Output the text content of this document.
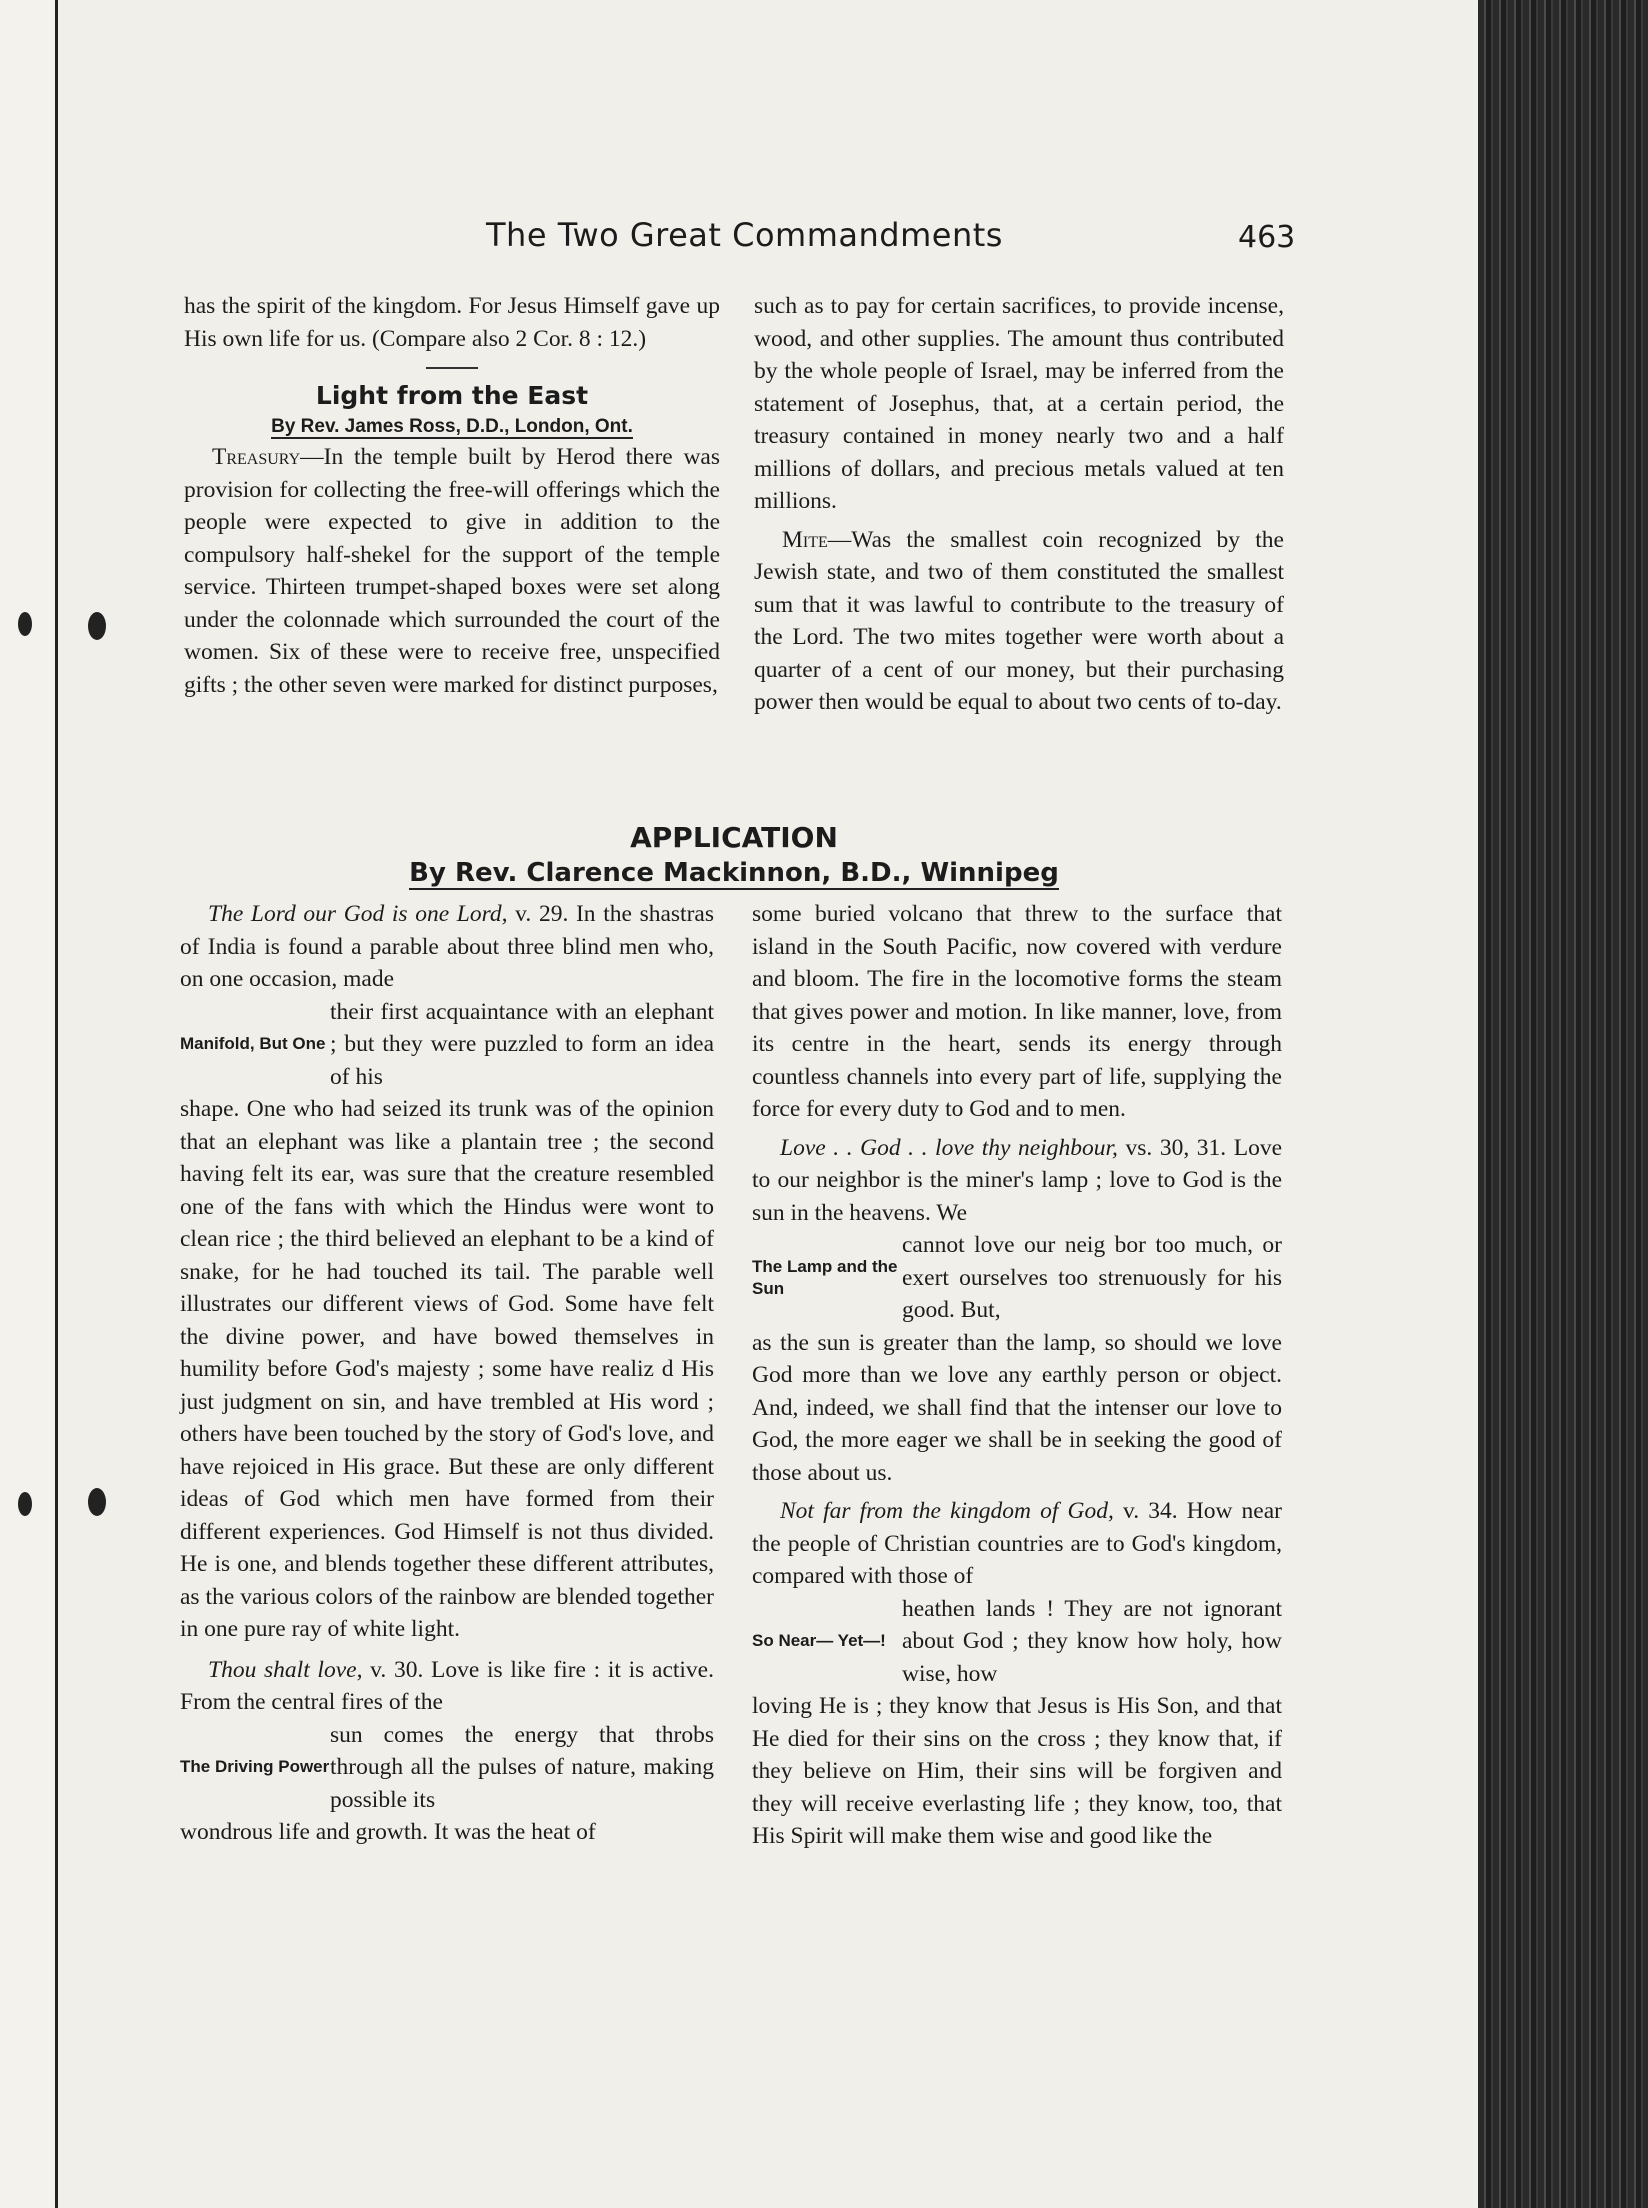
The Two Great Commandments	463

has the spirit of the kingdom. For Jesus Himself gave up His own life for us. (Compare also 2 Cor. 8 : 12.)

Light from the East

By Rev. James Ross, D.D., London, Ont.

Treasury—In the temple built by Herod there was provision for collecting the free-will offerings which the people were expected to give in addition to the compulsory half-shekel for the support of the temple service. Thirteen trumpet-shaped boxes were set along under the colonnade which surrounded the court of the women. Six of these were to receive free, unspecified gifts ; the other seven were marked for distinct purposes,

such as to pay for certain sacrifices, to provide incense, wood, and other supplies. The amount thus contributed by the whole people of Israel, may be inferred from the statement of Josephus, that, at a certain period, the treasury contained in money nearly two and a half millions of dollars, and precious metals valued at ten millions.

Mite—Was the smallest coin recognized by the Jewish state, and two of them constituted the smallest sum that it was lawful to contribute to the treasury of the Lord. The two mites together were worth about a quarter of a cent of our money, but their purchasing power then would be equal to about two cents of to-day.

APPLICATION

By Rev. Clarence Mackinnon, B.D., Winnipeg

The Lord our God is one Lord, v. 29. In the shastras of India is found a parable about three blind men who, on one occasion, made

Manifold, But One
their first acquaintance with an elephant ; but they were puzzled to form an idea of his

shape. One who had seized its trunk was of the opinion that an elephant was like a plantain tree ; the second having felt its ear, was sure that the creature resembled one of the fans with which the Hindus were wont to clean rice ; the third believed an elephant to be a kind of snake, for he had touched its tail. The parable well illustrates our different views of God. Some have felt the divine power, and have bowed themselves in humility before God's majesty ; some have realiz d His just judgment on sin, and have trembled at His word ; others have been touched by the story of God's love, and have rejoiced in His grace. But these are only different ideas of God which men have formed from their different experiences. God Himself is not thus divided. He is one, and blends together these different attributes, as the various colors of the rainbow are blended together in one pure ray of white light.

Thou shalt love, v. 30. Love is like fire : it is active. From the central fires of the

The Driving Power
sun comes the energy that throbs through all the pulses of nature, making possible its

wondrous life and growth. It was the heat of

some buried volcano that threw to the surface that island in the South Pacific, now covered with verdure and bloom. The fire in the locomotive forms the steam that gives power and motion. In like manner, love, from its centre in the heart, sends its energy through countless channels into every part of life, supplying the force for every duty to God and to men.

Love . . God . . love thy neighbour, vs. 30, 31. Love to our neighbor is the miner's lamp ; love to God is the sun in the heavens. We

The Lamp and the Sun
cannot love our neig bor too much, or exert ourselves too strenuously for his good. But,

as the sun is greater than the lamp, so should we love God more than we love any earthly person or object. And, indeed, we shall find that the intenser our love to God, the more eager we shall be in seeking the good of those about us.

Not far from the kingdom of God, v. 34. How near the people of Christian countries are to God's kingdom, compared with those of

So Near— Yet—!
heathen lands ! They are not ignorant about God ; they know how holy, how wise, how

loving He is ; they know that Jesus is His Son, and that He died for their sins on the cross ; they know that, if they believe on Him, their sins will be forgiven and they will receive everlasting life ; they know, too, that His Spirit will make them wise and good like the
